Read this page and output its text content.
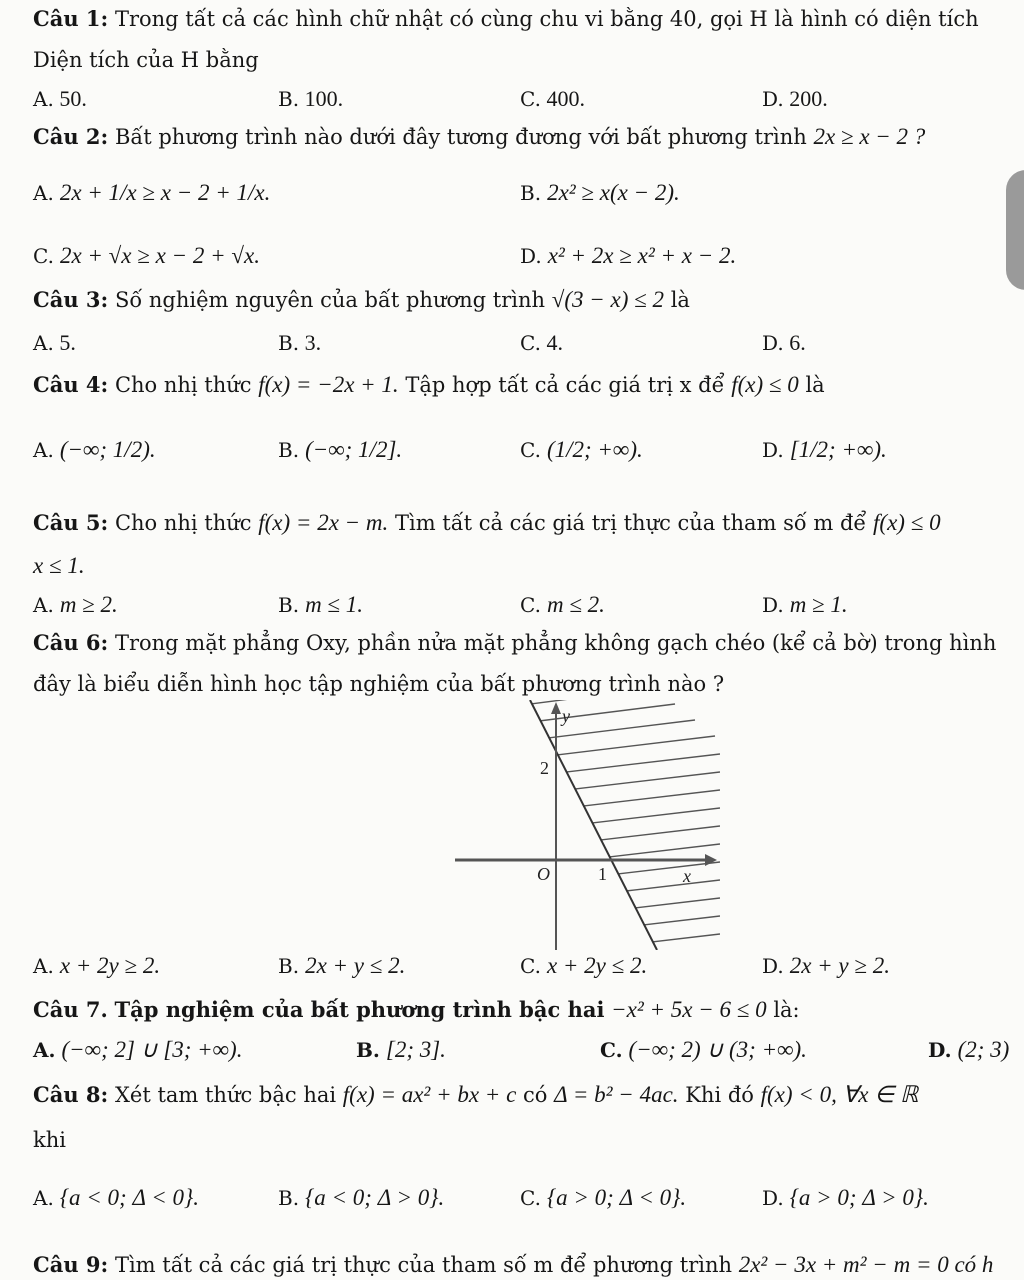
Câu 1: Trong tất cả các hình chữ nhật có cùng chu vi bằng 40, gọi H là hình có diện tích
Diện tích của H bằng
A. 50.	B. 100.	C. 400.	D. 200.
Câu 2: Bất phương trình nào dưới đây tương đương với bất phương trình 2x ≥ x − 2 ?
A. 2x + 1/x ≥ x − 2 + 1/x.	B. 2x² ≥ x(x − 2).
C. 2x + √x ≥ x − 2 + √x.	D. x² + 2x ≥ x² + x − 2.
Câu 3: Số nghiệm nguyên của bất phương trình √(3 − x) ≤ 2 là
A. 5.	B. 3.	C. 4.	D. 6.
Câu 4: Cho nhị thức f(x) = −2x + 1. Tập hợp tất cả các giá trị x để f(x) ≤ 0 là
A. (−∞; 1/2).	B. (−∞; 1/2].	C. (1/2; +∞).	D. [1/2; +∞).
Câu 5: Cho nhị thức f(x) = 2x − m. Tìm tất cả các giá trị thực của tham số m để f(x) ≤ 0
x ≤ 1.
A. m ≥ 2.	B. m ≤ 1.	C. m ≤ 2.	D. m ≥ 1.
Câu 6: Trong mặt phẳng Oxy, phần nửa mặt phẳng không gạch chéo (kể cả bờ) trong hình
đây là biểu diễn hình học tập nghiệm của bất phương trình nào ?
y
x
O
2
1
A. x + 2y ≥ 2.	B. 2x + y ≤ 2.	C. x + 2y ≤ 2.	D. 2x + y ≥ 2.
Câu 7. Tập nghiệm của bất phương trình bậc hai −x² + 5x − 6 ≤ 0 là:
A. (−∞; 2] ∪ [3; +∞).	B. [2; 3].	C. (−∞; 2) ∪ (3; +∞).	D. (2; 3)
Câu 8: Xét tam thức bậc hai f(x) = ax² + bx + c có Δ = b² − 4ac. Khi đó f(x) < 0, ∀x ∈ ℝ
khi
A. {a < 0; Δ < 0}.	B. {a < 0; Δ > 0}.	C. {a > 0; Δ < 0}.	D. {a > 0; Δ > 0}.
Câu 9: Tìm tất cả các giá trị thực của tham số m để phương trình 2x² − 3x + m² − m = 0 có h
